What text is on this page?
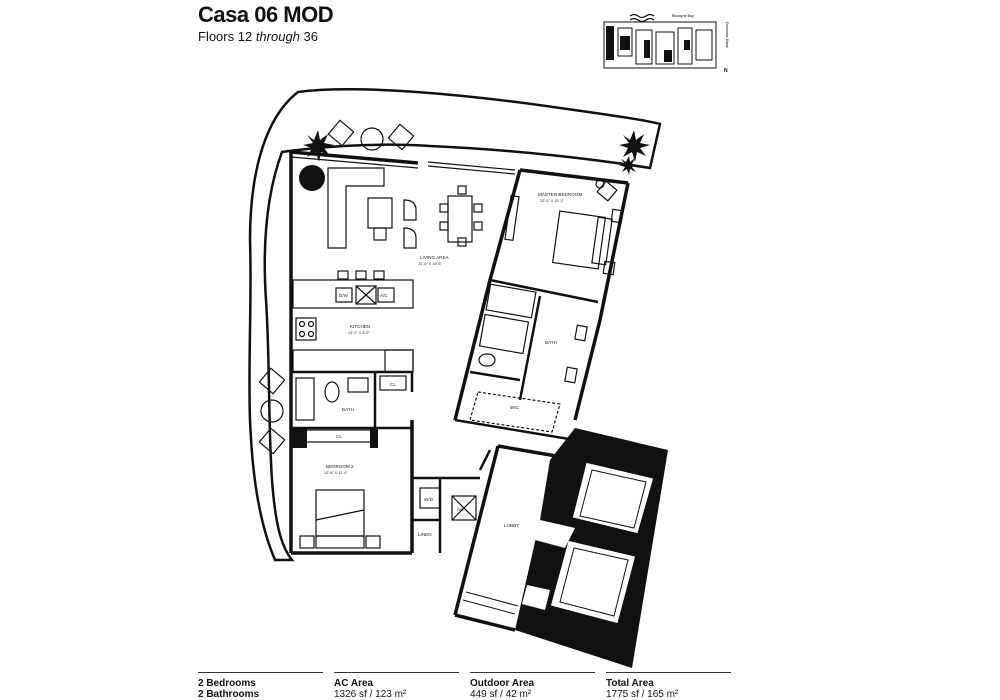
Casa 06 MOD
Floors 12 through 36
Biscayne Bay
Downtown Miami
N
D/W	A/C
MASTER BEDROOM
12'-0" X 15'-2"
BATH
WIC
LIVING AREA
23'-6" X 15'-6"
KITCHEN
13'-0" X 8'-5"
BATH
CL
CL
BEDROOM 2
12'-8" X 11'-0"
W/D
A/C
LINEN
LOBBY
2 Bedrooms
2 Bathrooms
AC Area
1326 sf / 123 m²
Outdoor Area
449 sf / 42 m²
Total Area
1775 sf / 165 m²
